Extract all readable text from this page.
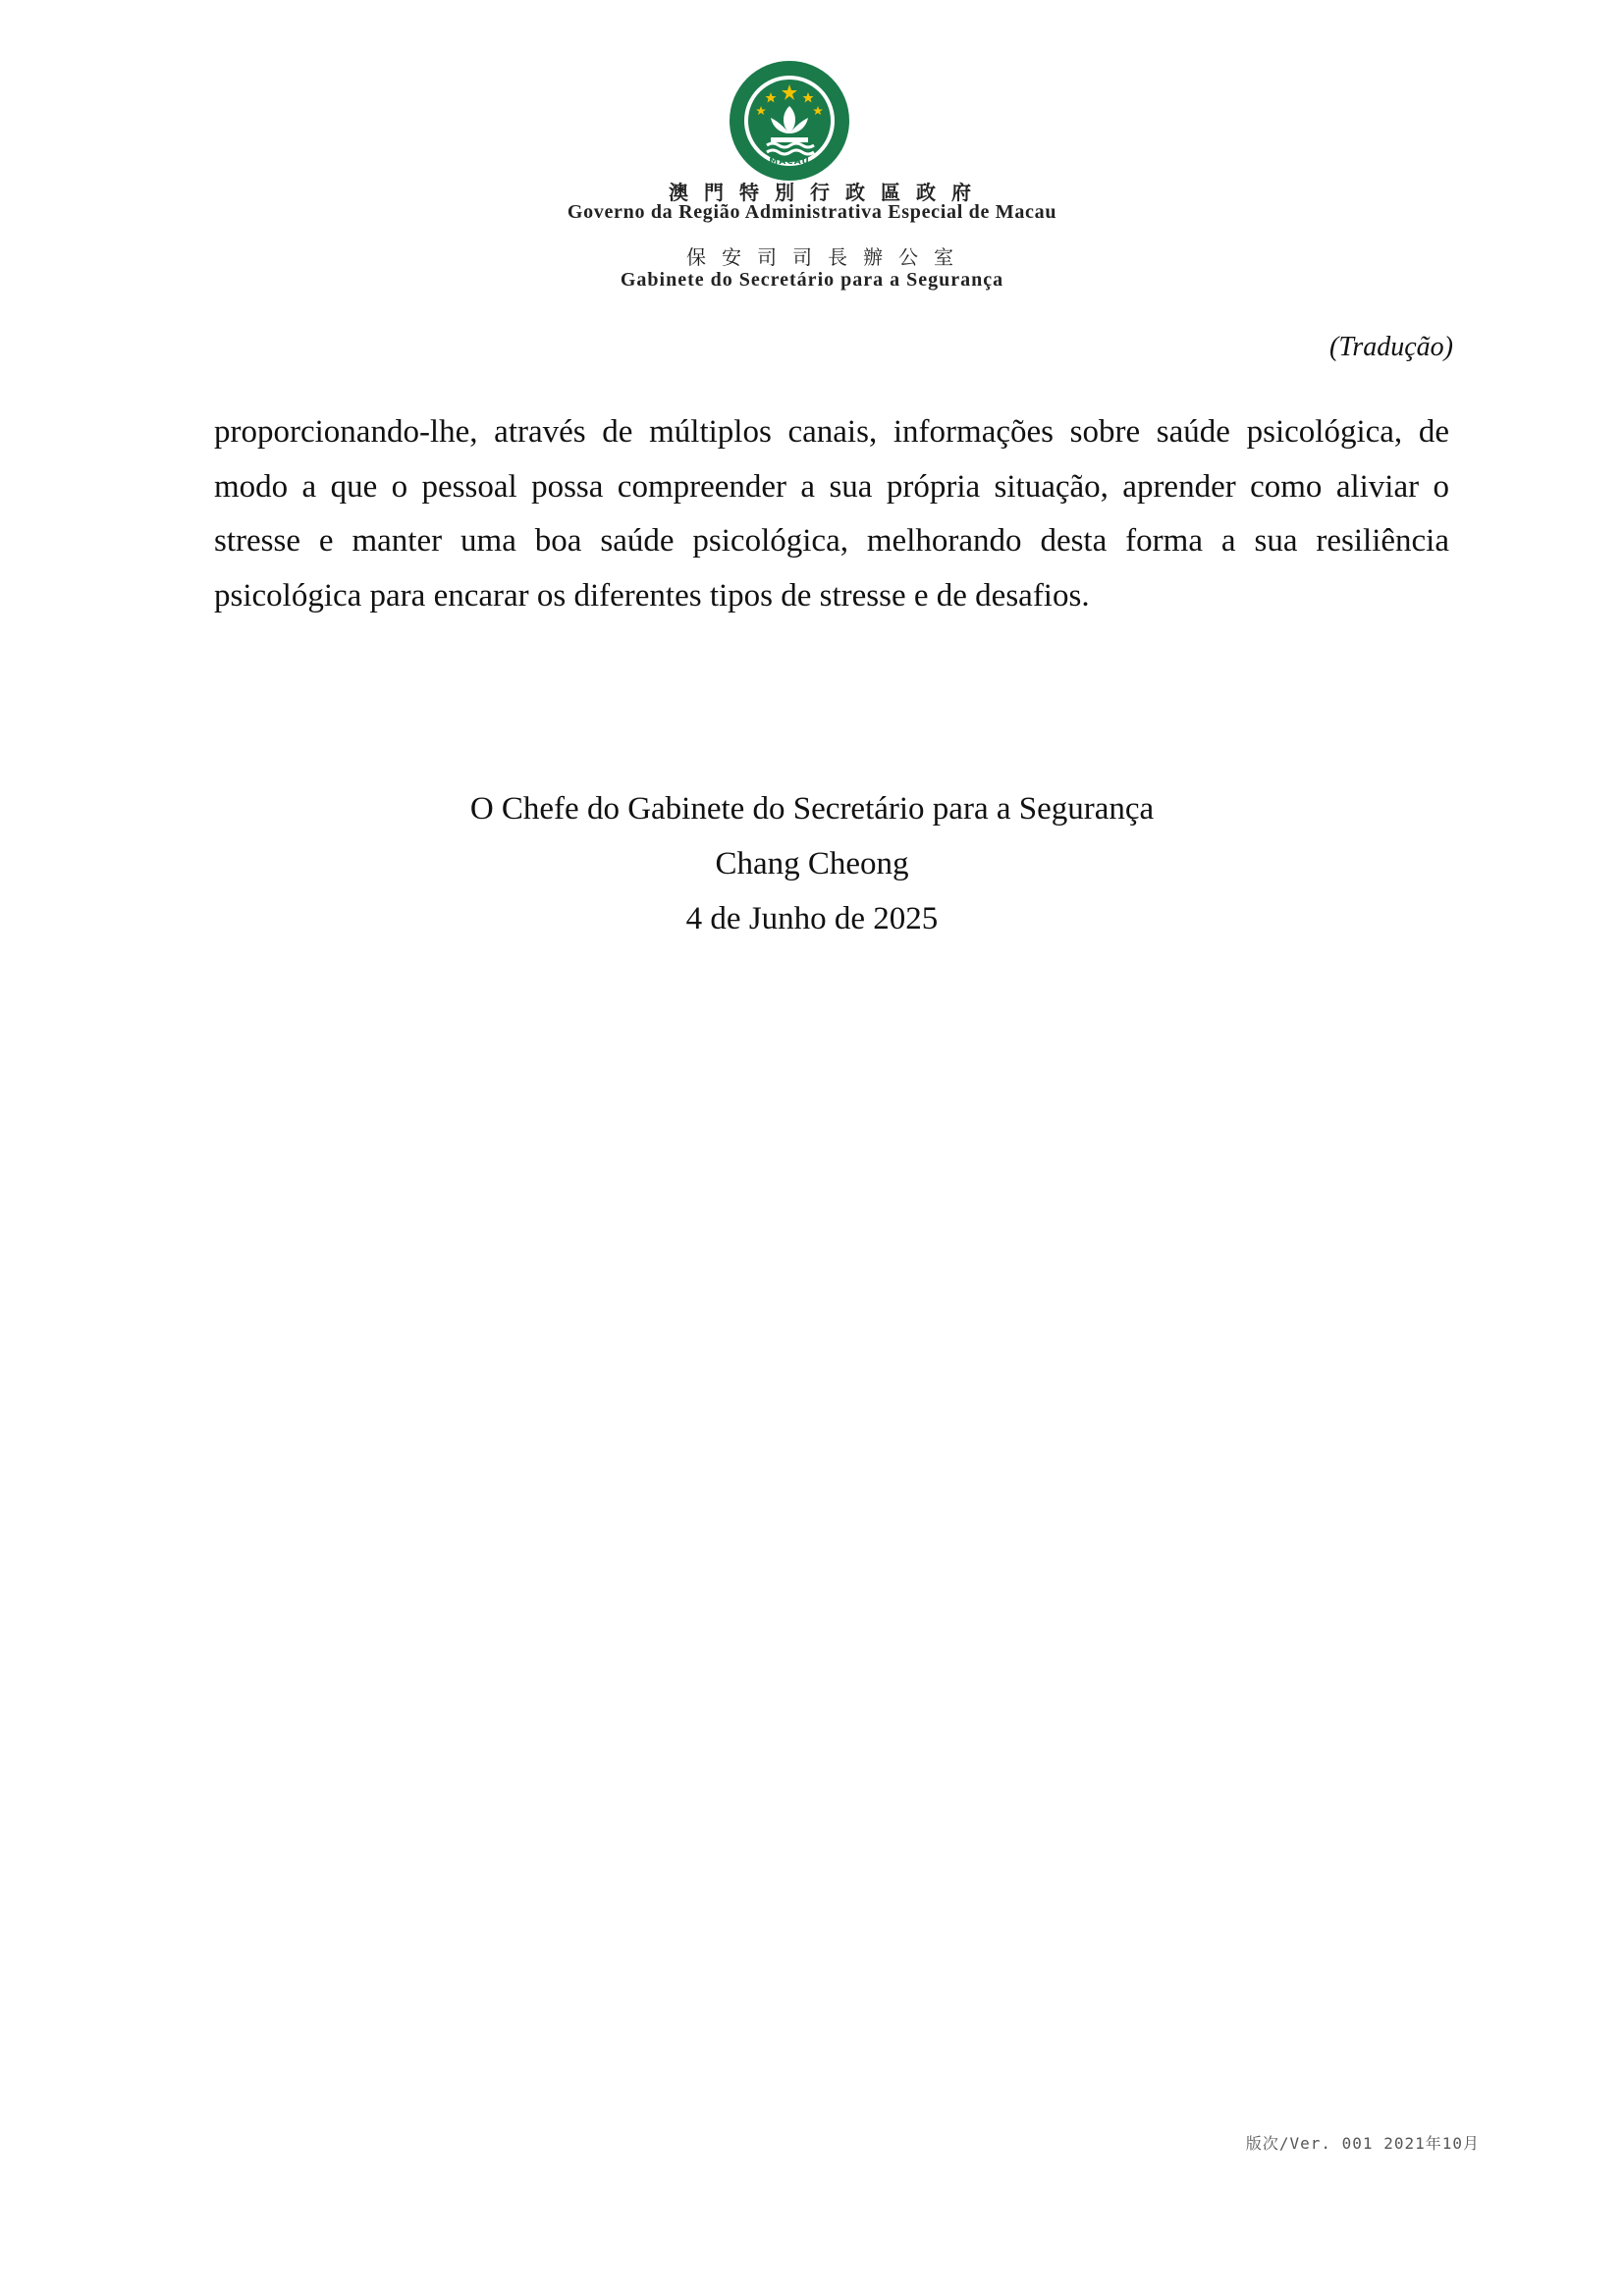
MACAU
澳門特別行政區政府
Governo da Região Administrativa Especial de Macau
保安司司長辦公室
Gabinete do Secretário para a Segurança
(Tradução)

proporcionando-lhe, através de múltiplos canais, informações sobre saúde psicológica, de modo a que o pessoal possa compreender a sua própria situação, aprender como aliviar o stresse e manter uma boa saúde psicológica, melhorando desta forma a sua resiliência psicológica para encarar os diferentes tipos de stresse e de desafios.

O Chefe do Gabinete do Secretário para a Segurança
Chang Cheong
4 de Junho de 2025
版次/Ver. 001 2021年10月
